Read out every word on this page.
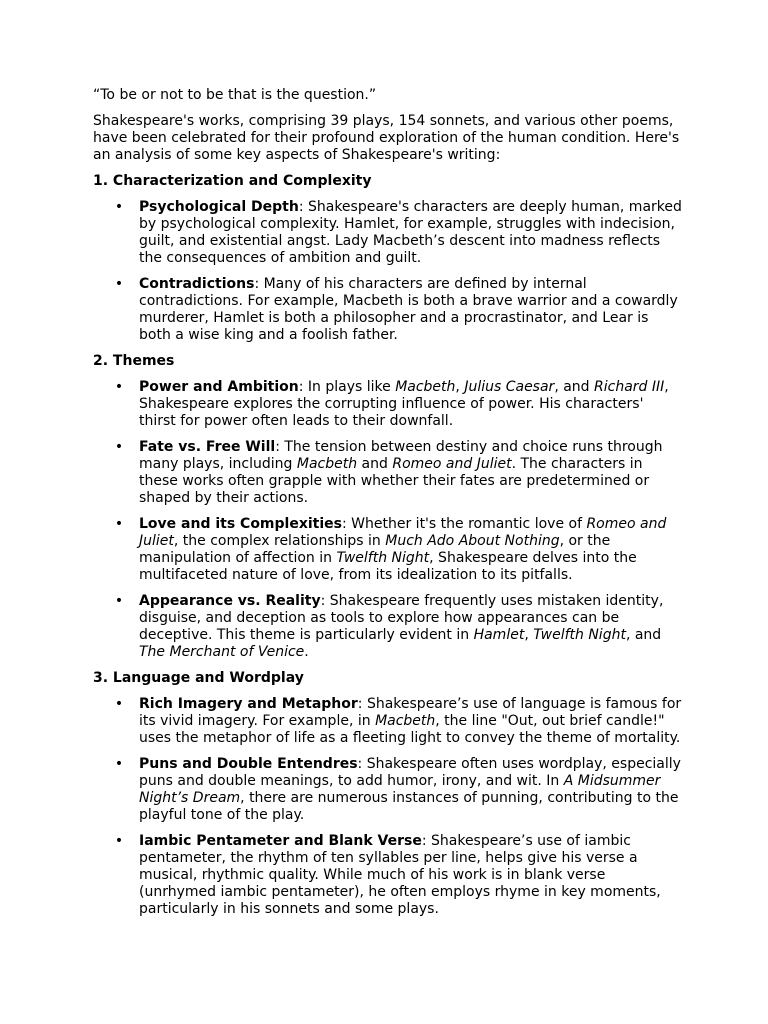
“To be or not to be that is the question.”

Shakespeare's works, comprising 39 plays, 154 sonnets, and various other poems, have been celebrated for their profound exploration of the human condition. Here's an analysis of some key aspects of Shakespeare's writing:

1. Characterization and Complexity

• Psychological Depth: Shakespeare's characters are deeply human, marked by psychological complexity. Hamlet, for example, struggles with indecision, guilt, and existential angst. Lady Macbeth’s descent into madness reflects the consequences of ambition and guilt.
• Contradictions: Many of his characters are defined by internal contradictions. For example, Macbeth is both a brave warrior and a cowardly murderer, Hamlet is both a philosopher and a procrastinator, and Lear is both a wise king and a foolish father.

2. Themes

• Power and Ambition: In plays like Macbeth, Julius Caesar, and Richard III, Shakespeare explores the corrupting influence of power. His characters' thirst for power often leads to their downfall.
• Fate vs. Free Will: The tension between destiny and choice runs through many plays, including Macbeth and Romeo and Juliet. The characters in these works often grapple with whether their fates are predetermined or shaped by their actions.
• Love and its Complexities: Whether it's the romantic love of Romeo and Juliet, the complex relationships in Much Ado About Nothing, or the manipulation of affection in Twelfth Night, Shakespeare delves into the multifaceted nature of love, from its idealization to its pitfalls.
• Appearance vs. Reality: Shakespeare frequently uses mistaken identity, disguise, and deception as tools to explore how appearances can be deceptive. This theme is particularly evident in Hamlet, Twelfth Night, and The Merchant of Venice.

3. Language and Wordplay

• Rich Imagery and Metaphor: Shakespeare’s use of language is famous for its vivid imagery. For example, in Macbeth, the line "Out, out brief candle!" uses the metaphor of life as a fleeting light to convey the theme of mortality.
• Puns and Double Entendres: Shakespeare often uses wordplay, especially puns and double meanings, to add humor, irony, and wit. In A Midsummer Night’s Dream, there are numerous instances of punning, contributing to the playful tone of the play.
• Iambic Pentameter and Blank Verse: Shakespeare’s use of iambic pentameter, the rhythm of ten syllables per line, helps give his verse a musical, rhythmic quality. While much of his work is in blank verse (unrhymed iambic pentameter), he often employs rhyme in key moments, particularly in his sonnets and some plays.
